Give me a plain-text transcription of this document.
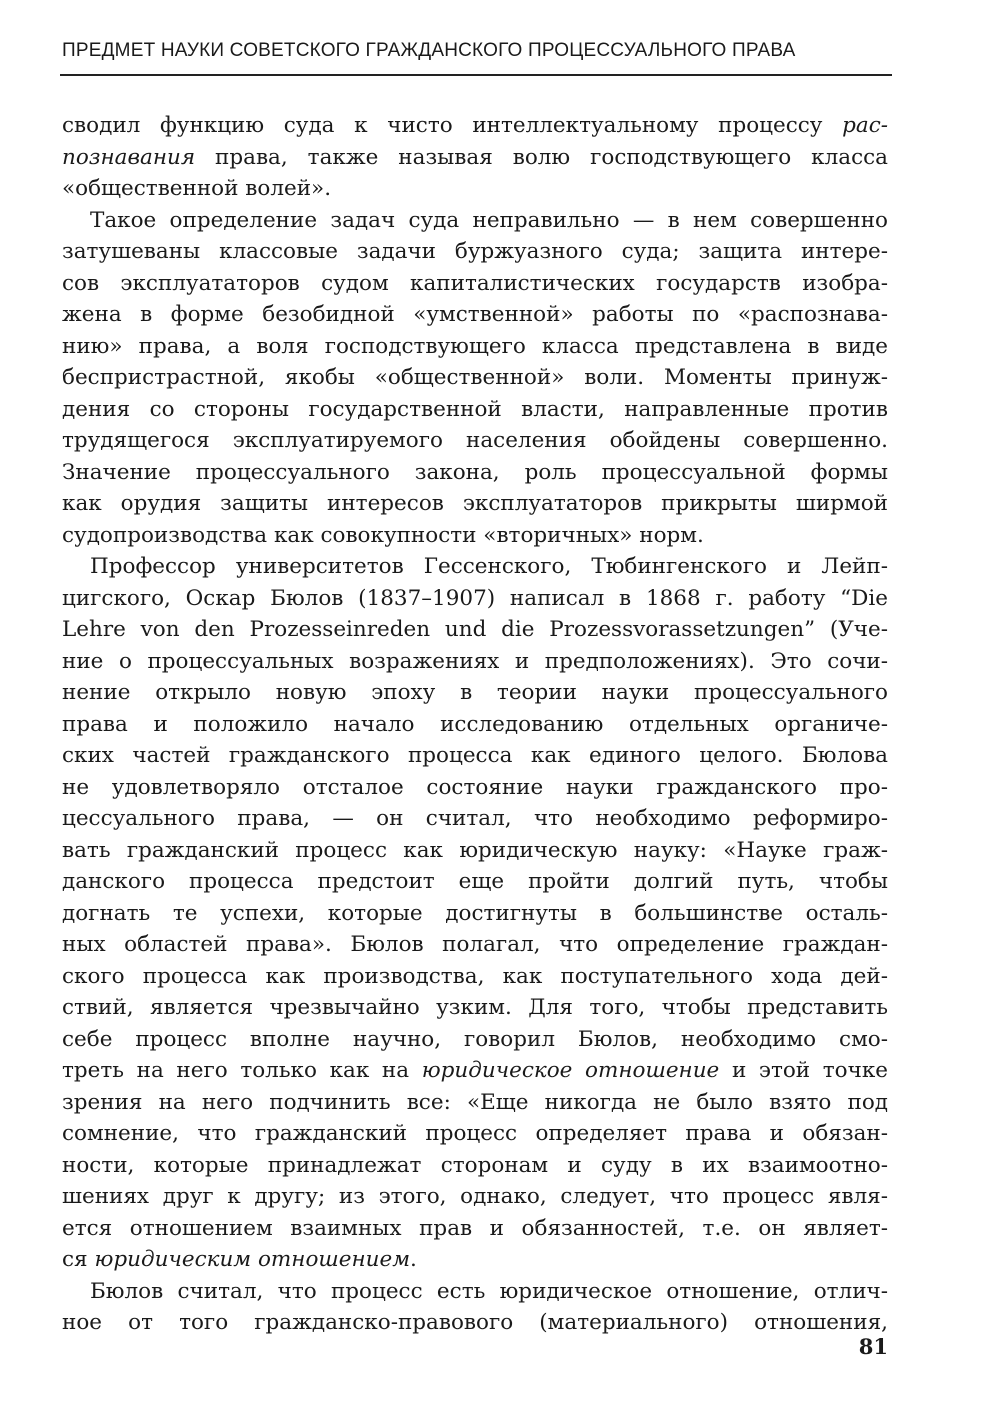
ПРЕДМЕТ НАУКИ СОВЕТСКОГО ГРАЖДАНСКОГО ПРОЦЕССУАЛЬНОГО ПРАВА
сводил функцию суда к чисто интеллектуальному процессу рас-
познавания права, также называя волю господствующего класса
«общественной волей».
Такое определение задач суда неправильно — в нем совершенно
затушеваны классовые задачи буржуазного суда; защита интере-
сов эксплуататоров судом капиталистических государств изобра-
жена в форме безобидной «умственной» работы по «распознава-
нию» права, а воля господствующего класса представлена в виде
беспристрастной, якобы «общественной» воли. Моменты принуж-
дения со стороны государственной власти, направленные против
трудящегося эксплуатируемого населения обойдены совершенно.
Значение процессуального закона, роль процессуальной формы
как орудия защиты интересов эксплуататоров прикрыты ширмой
судопроизводства как совокупности «вторичных» норм.
Профессор университетов Гессенского, Тюбингенского и Лейп-
цигского, Оскар Бюлов (1837–1907) написал в 1868 г. работу “Die
Lehre von den Prozesseinreden und die Prozessvorassetzungen” (Уче-
ние о процессуальных возражениях и предположениях). Это сочи-
нение открыло новую эпоху в теории науки процессуального
права и положило начало исследованию отдельных органиче-
ских частей гражданского процесса как единого целого. Бюлова
не удовлетворяло отсталое состояние науки гражданского про-
цессуального права, — он считал, что необходимо реформиро-
вать гражданский процесс как юридическую науку: «Науке граж-
данского процесса предстоит еще пройти долгий путь, чтобы
догнать те успехи, которые достигнуты в большинстве осталь-
ных областей права». Бюлов полагал, что определение граждан-
ского процесса как производства, как поступательного хода дей-
ствий, является чрезвычайно узким. Для того, чтобы представить
себе процесс вполне научно, говорил Бюлов, необходимо смо-
треть на него только как на юридическое отношение и этой точке
зрения на него подчинить все: «Еще никогда не было взято под
сомнение, что гражданский процесс определяет права и обязан-
ности, которые принадлежат сторонам и суду в их взаимоотно-
шениях друг к другу; из этого, однако, следует, что процесс явля-
ется отношением взаимных прав и обязанностей, т.е. он являет-
ся юридическим отношением.
Бюлов считал, что процесс есть юридическое отношение, отлич-
ное от того гражданско-правового (материального) отношения,
81
